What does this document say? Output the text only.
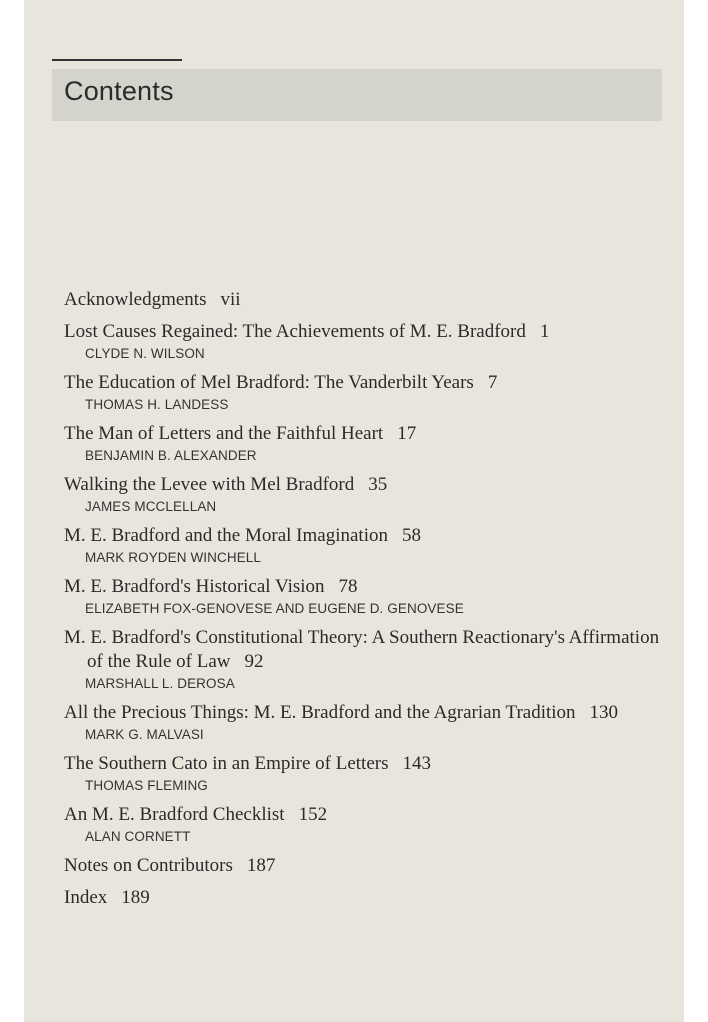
Contents
Acknowledgments vii
Lost Causes Regained: The Achievements of M. E. Bradford 1
CLYDE N. WILSON
The Education of Mel Bradford: The Vanderbilt Years 7
THOMAS H. LANDESS
The Man of Letters and the Faithful Heart 17
BENJAMIN B. ALEXANDER
Walking the Levee with Mel Bradford 35
JAMES MCCLELLAN
M. E. Bradford and the Moral Imagination 58
MARK ROYDEN WINCHELL
M. E. Bradford's Historical Vision 78
ELIZABETH FOX-GENOVESE AND EUGENE D. GENOVESE
M. E. Bradford's Constitutional Theory: A Southern Reactionary's Affirmation of the Rule of Law 92
MARSHALL L. DEROSA
All the Precious Things: M. E. Bradford and the Agrarian Tradition 130
MARK G. MALVASI
The Southern Cato in an Empire of Letters 143
THOMAS FLEMING
An M. E. Bradford Checklist 152
ALAN CORNETT
Notes on Contributors 187
Index 189
